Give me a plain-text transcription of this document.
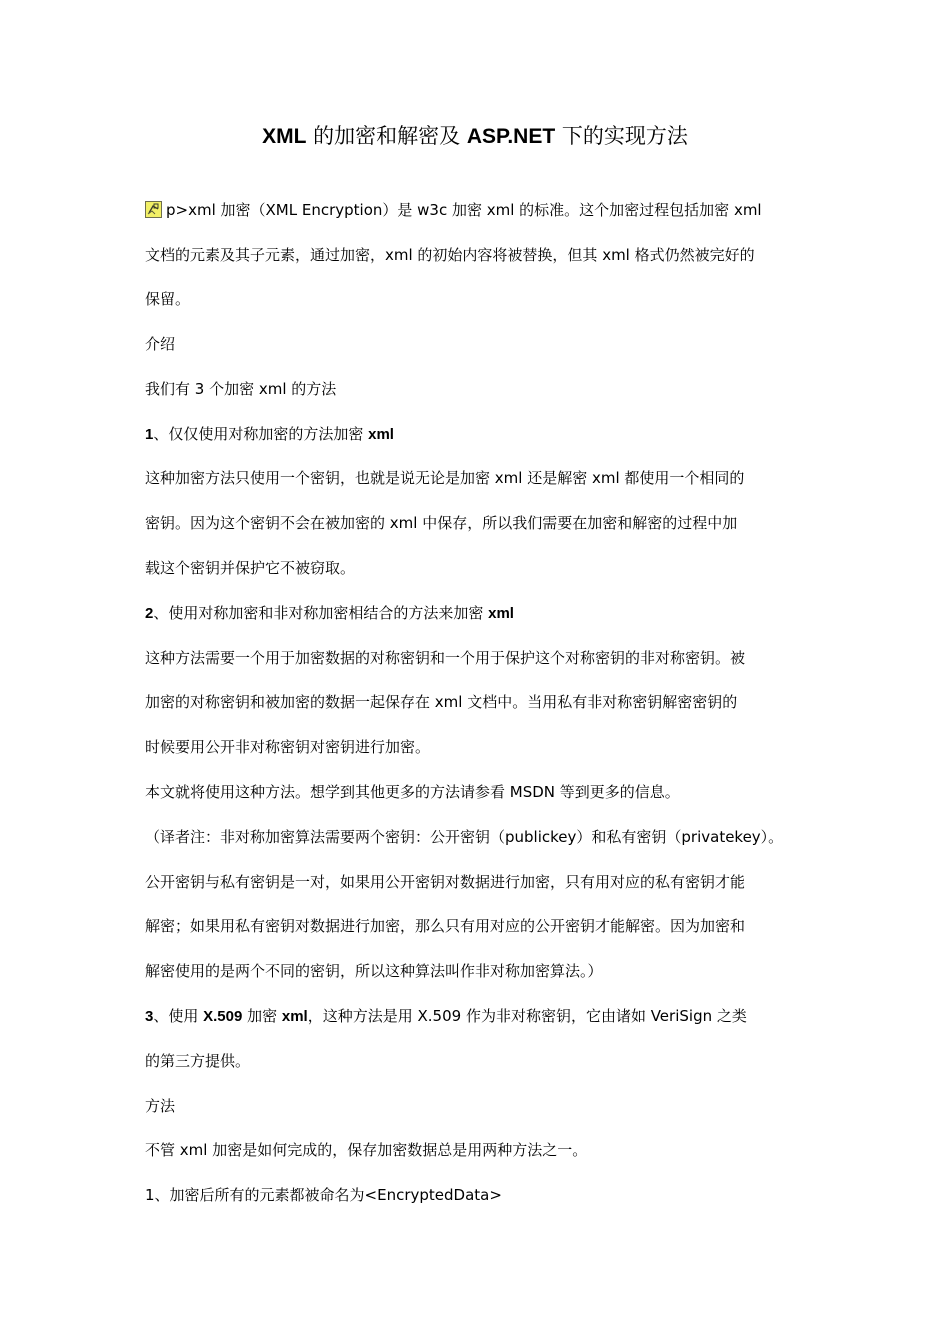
XML 的加密和解密及 ASP.NET 下的实现方法
p>xml 加密（XML Encryption）是 w3c 加密 xml 的标准。这个加密过程包括加密 xml
文档的元素及其子元素，通过加密，xml 的初始内容将被替换，但其 xml 格式仍然被完好的
保留。
介绍
我们有 3 个加密 xml 的方法
1、仅仅使用对称加密的方法加密 xml
这种加密方法只使用一个密钥，也就是说无论是加密 xml 还是解密 xml 都使用一个相同的
密钥。因为这个密钥不会在被加密的 xml 中保存，所以我们需要在加密和解密的过程中加
载这个密钥并保护它不被窃取。
2、使用对称加密和非对称加密相结合的方法来加密 xml
这种方法需要一个用于加密数据的对称密钥和一个用于保护这个对称密钥的非对称密钥。被
加密的对称密钥和被加密的数据一起保存在 xml 文档中。当用私有非对称密钥解密密钥的
时候要用公开非对称密钥对密钥进行加密。
本文就将使用这种方法。想学到其他更多的方法请参看 MSDN 等到更多的信息。
（译者注：非对称加密算法需要两个密钥：公开密钥（publickey）和私有密钥（privatekey）。
公开密钥与私有密钥是一对，如果用公开密钥对数据进行加密，只有用对应的私有密钥才能
解密；如果用私有密钥对数据进行加密，那么只有用对应的公开密钥才能解密。因为加密和
解密使用的是两个不同的密钥，所以这种算法叫作非对称加密算法。）
3、使用 X.509 加密 xml，这种方法是用 X.509 作为非对称密钥，它由诸如 VeriSign 之类
的第三方提供。
方法
不管 xml 加密是如何完成的，保存加密数据总是用两种方法之一。
1、加密后所有的元素都被命名为<EncryptedData>
